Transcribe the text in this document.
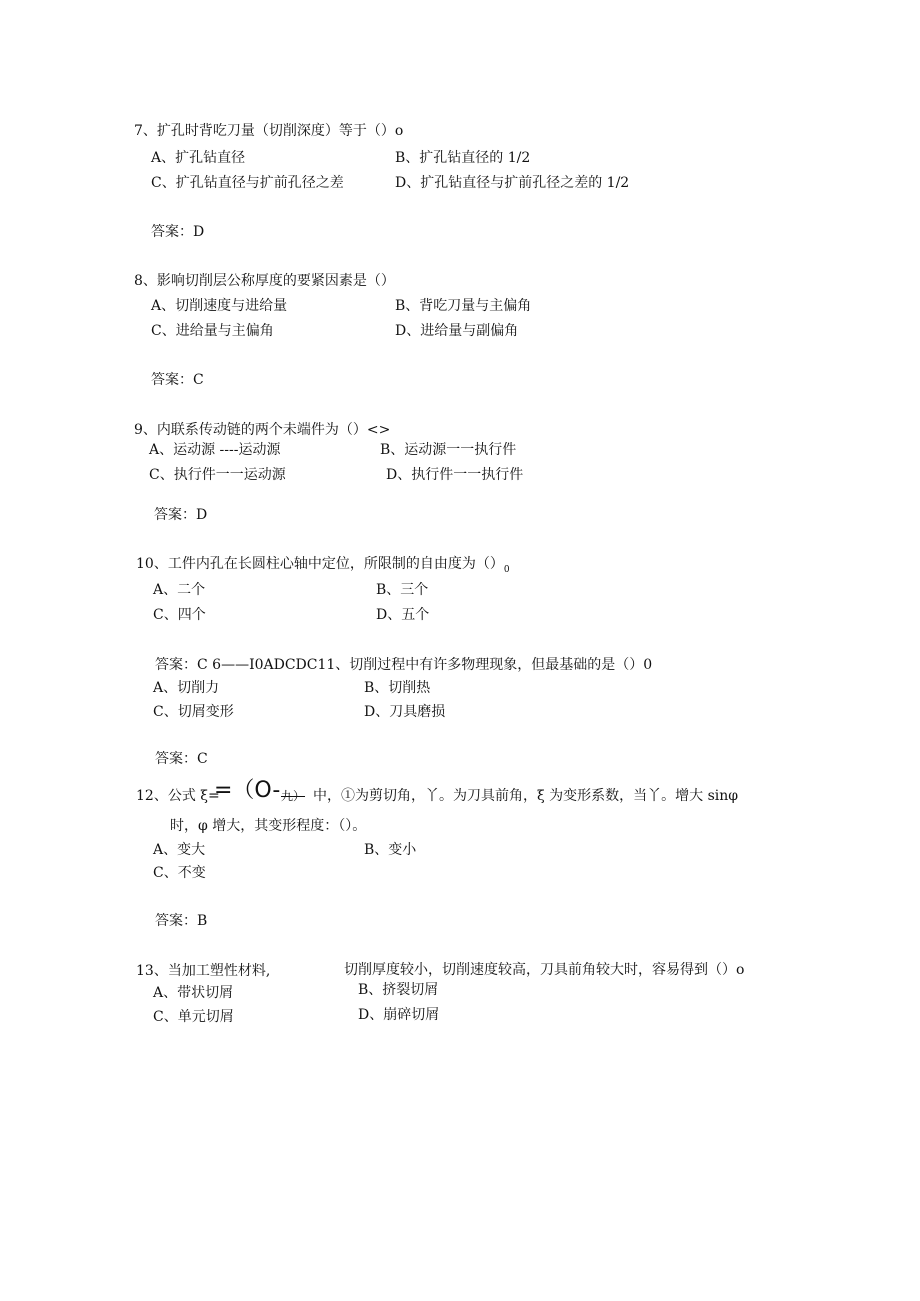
7、扩孔时背吃刀量（切削深度）等于（）o
A、扩孔钻直径	B、扩孔钻直径的 1/2
C、扩孔钻直径与扩前孔径之差	D、扩孔钻直径与扩前孔径之差的 1/2
答案：D
8、影响切削层公称厚度的要紧因素是（）
A、切削速度与进给量	B、背吃刀量与主偏角
C、进给量与主偏角	D、进给量与副偏角
答案：C
9、内联系传动链的两个未端件为（）<>
A、运动源 ----运动源	B、运动源一一执行件
C、执行件一一运动源	D、执行件一一执行件
答案：D
10、工件内孔在长圆柱心轴中定位，所限制的自由度为$()_0$
A、二个	B、三个
C、四个	D、五个
答案：C 6——I0ADCDC11、切削过程中有许多物理现象，但最基础的是（）0
A、切削力	B、切削热
C、切屑变形	D、刀具磨损
答案：C
12、公式 ξ=
=（O- 九） 中，①为剪切角，丫。为刀具前角，ξ 为变形系数，当丫。增大 sinφ
时，φ 增大，其变形程度：（）。
A、变大	B、变小
C、不变
答案：B
13、当加工塑性材料,	切削厚度较小，切削速度较高，刀具前角较大时，容易得到（）o
A、带状切屑	B、挤裂切屑
C、单元切屑	D、崩碎切屑
